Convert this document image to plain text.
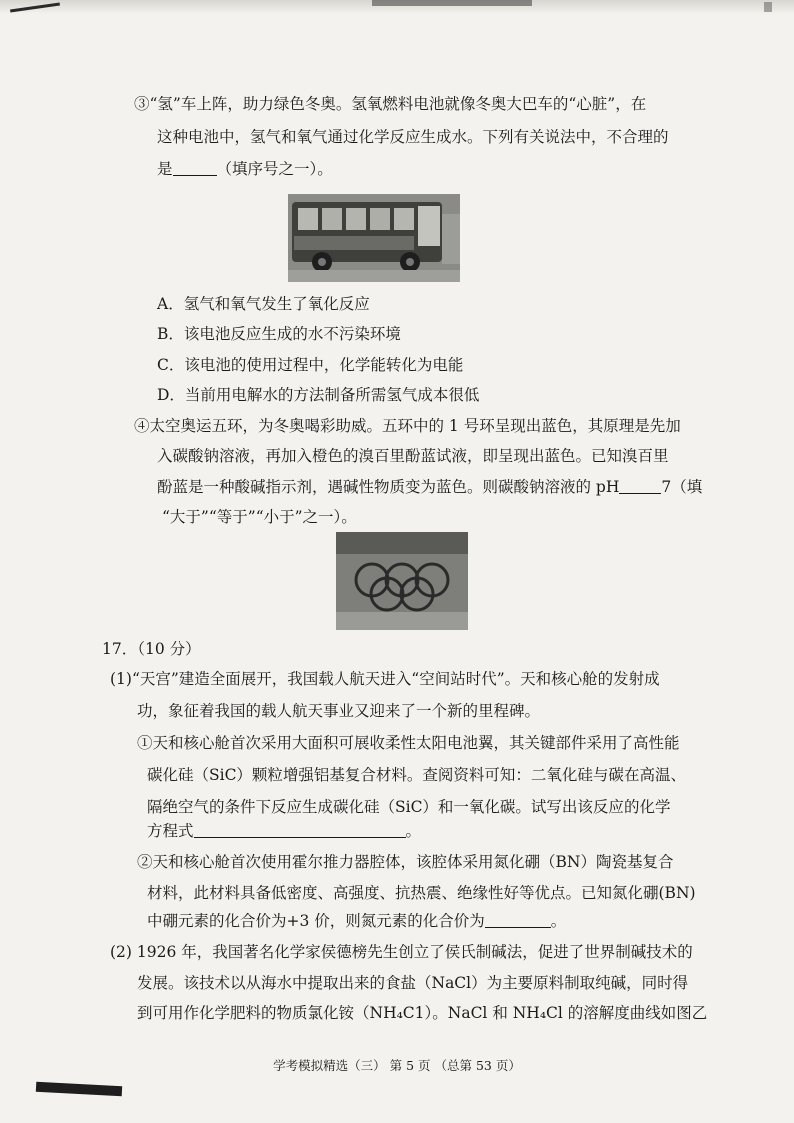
③“氢”车上阵，助力绿色冬奥。氢氧燃料电池就像冬奥大巴车的“心脏”，在
这种电池中，氢气和氧气通过化学反应生成水。下列有关说法中，不合理的
是	（填序号之一）。
A．氢气和氧气发生了氧化反应
B．该电池反应生成的水不污染环境
C．该电池的使用过程中，化学能转化为电能
D．当前用电解水的方法制备所需氢气成本很低
④太空奥运五环，为冬奥喝彩助威。五环中的 1 号环呈现出蓝色，其原理是先加
入碳酸钠溶液，再加入橙色的溴百里酚蓝试液，即呈现出蓝色。已知溴百里
酚蓝是一种酸碱指示剂，遇碱性物质变为蓝色。则碳酸钠溶液的 pH	7（填
“大于”“等于”“小于”之一）。
17．（10 分）
(1)“天宫”建造全面展开，我国载人航天进入“空间站时代”。天和核心舱的发射成
功，象征着我国的载人航天事业又迎来了一个新的里程碑。
①天和核心舱首次采用大面积可展收柔性太阳电池翼，其关键部件采用了高性能
碳化硅（SiC）颗粒增强铝基复合材料。查阅资料可知：二氧化硅与碳在高温、
隔绝空气的条件下反应生成碳化硅（SiC）和一氧化碳。试写出该反应的化学
方程式	。
②天和核心舱首次使用霍尔推力器腔体，该腔体采用氮化硼（BN）陶瓷基复合
材料，此材料具备低密度、高强度、抗热震、绝缘性好等优点。已知氮化硼(BN)
中硼元素的化合价为+3 价，则氮元素的化合价为	。
(2) 1926 年，我国著名化学家侯德榜先生创立了侯氏制碱法，促进了世界制碱技术的
发展。该技术以从海水中提取出来的食盐（NaCl）为主要原料制取纯碱，同时得
到可用作化学肥料的物质氯化铵（NH₄C1）。NaCl 和 NH₄Cl 的溶解度曲线如图乙
学考模拟精选（三） 第 5 页 （总第 53 页）
